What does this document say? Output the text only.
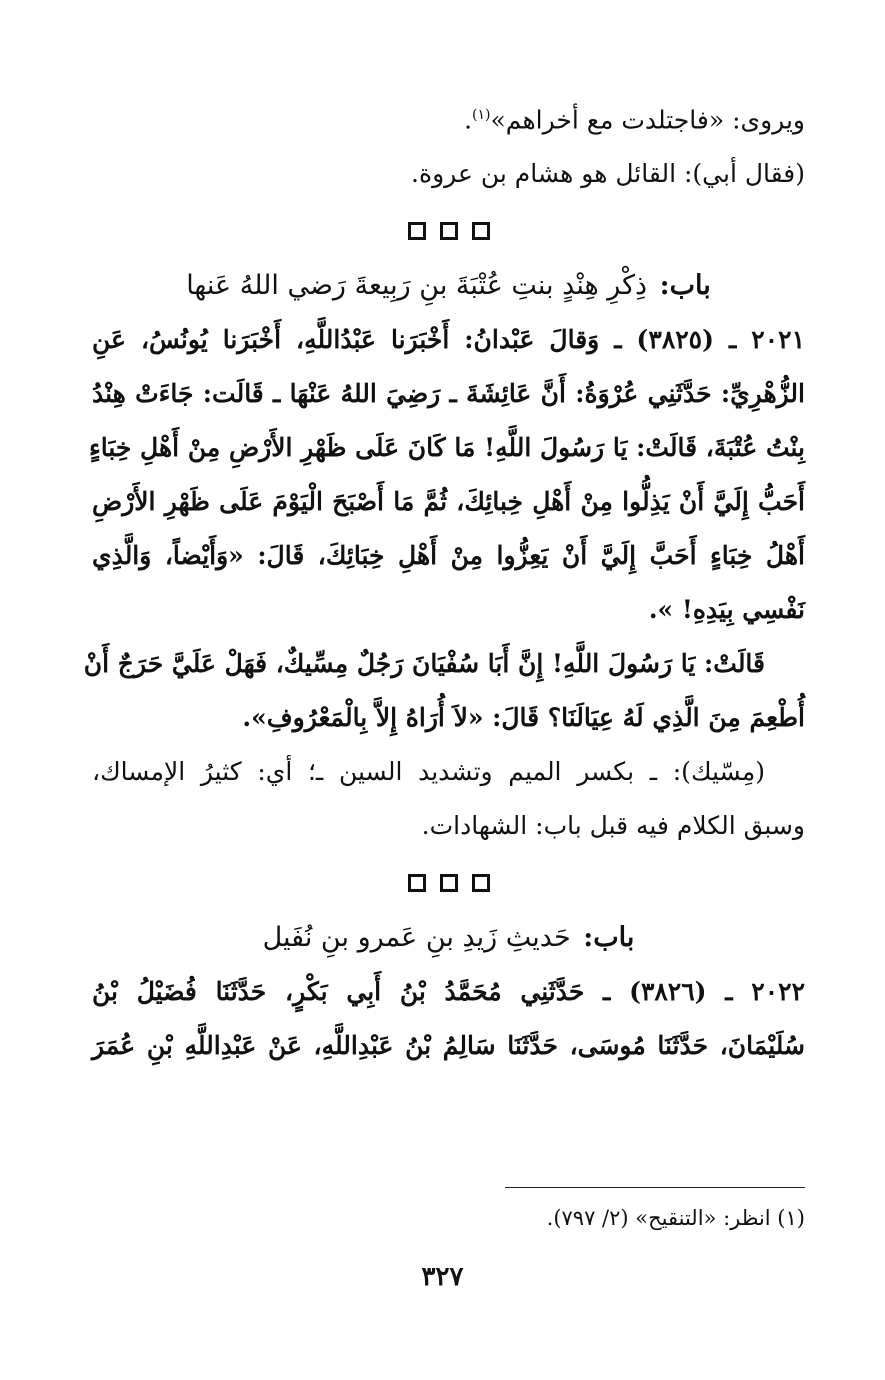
ويروى: «فاجتلدت مع أخراهم»$^{(١)}$.

(فقال أبي): القائل هو هشام بن عروة.

باب: ذِكْرِ هِنْدٍ بنتِ عُتْبَةَ بنِ رَبِيعةَ رَضي اللهُ عَنها

٢٠٢١ ـ (٣٨٢٥) ـ وَقالَ عَبْدانُ: أَخْبَرَنا عَبْدُاللَّهِ، أَخْبَرَنا يُونُسُ، عَنِ

الزُّهْرِيِّ: حَدَّثَنِي عُرْوَةُ: أَنَّ عَائِشَةَ ـ رَضِيَ اللهُ عَنْهَا ـ قَالَت: جَاءَتْ هِنْدُ

بِنْتُ عُتْبَةَ، قَالَتْ: يَا رَسُولَ اللَّهِ! مَا كَانَ عَلَى ظَهْرِ الأَرْضِ مِنْ أَهْلِ خِبَاءٍ

أَحَبُّ إِلَيَّ أَنْ يَذِلُّوا مِنْ أَهْلِ خِبائِكَ، ثُمَّ مَا أَصْبَحَ الْيَوْمَ عَلَى ظَهْرِ الأَرْضِ

أَهْلُ خِبَاءٍ أَحَبَّ إِلَيَّ أَنْ يَعِزُّوا مِنْ أَهْلِ خِبَائِكَ، قَالَ: «وَأَيْضاً، وَالَّذِي

نَفْسِي بِيَدِهِ! ».

قَالَتْ: يَا رَسُولَ اللَّهِ! إِنَّ أَبَا سُفْيَانَ رَجُلٌ مِسِّيكٌ، فَهَلْ عَلَيَّ حَرَجٌ أَنْ

أُطْعِمَ مِنَ الَّذِي لَهُ عِيَالَنَا؟ قَالَ: «لاَ أُرَاهُ إِلاَّ بِالْمَعْرُوفِ».

(مِسّيك): ـ بكسر الميم وتشديد السين ـ؛ أي: كثيرُ الإمساك،

وسبق الكلام فيه قبل باب: الشهادات.

باب: حَديثِ زَيدِ بنِ عَمرو بنِ نُفَيل

٢٠٢٢ ـ (٣٨٢٦) ـ حَدَّثَنِي مُحَمَّدُ بْنُ أَبِي بَكْرٍ، حَدَّثَنَا فُضَيْلُ بْنُ

سُلَيْمَانَ، حَدَّثَنَا مُوسَى، حَدَّثَنَا سَالِمُ بْنُ عَبْدِاللَّهِ، عَنْ عَبْدِاللَّهِ بْنِ عُمَرَ

(١) انظر: «التنقيح» (٢/ ٧٩٧).
٣٢٧
